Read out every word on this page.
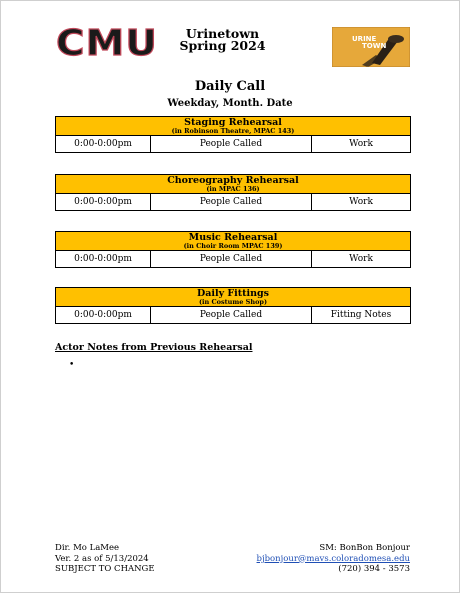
CMU	Urinetown
Spring 2024	URINE
TOWN
Daily Call
Weekday, Month. Date
Staging Rehearsal
(in Robinson Theatre, MPAC 143)
0:00-0:00pm	People Called	Work
Choreography Rehearsal
(in MPAC 136)
0:00-0:00pm	People Called	Work
Music Rehearsal
(in Choir Room MPAC 139)
0:00-0:00pm	People Called	Work
Daily Fittings
(in Costume Shop)
0:00-0:00pm	People Called	Fitting Notes
Actor Notes from Previous Rehearsal
•
Dir. Mo LaMee
Ver. 2 as of 5/13/2024
SUBJECT TO CHANGE
SM: BonBon Bonjour
bjbonjour@mavs.coloradomesa.edu
(720) 394 - 3573
